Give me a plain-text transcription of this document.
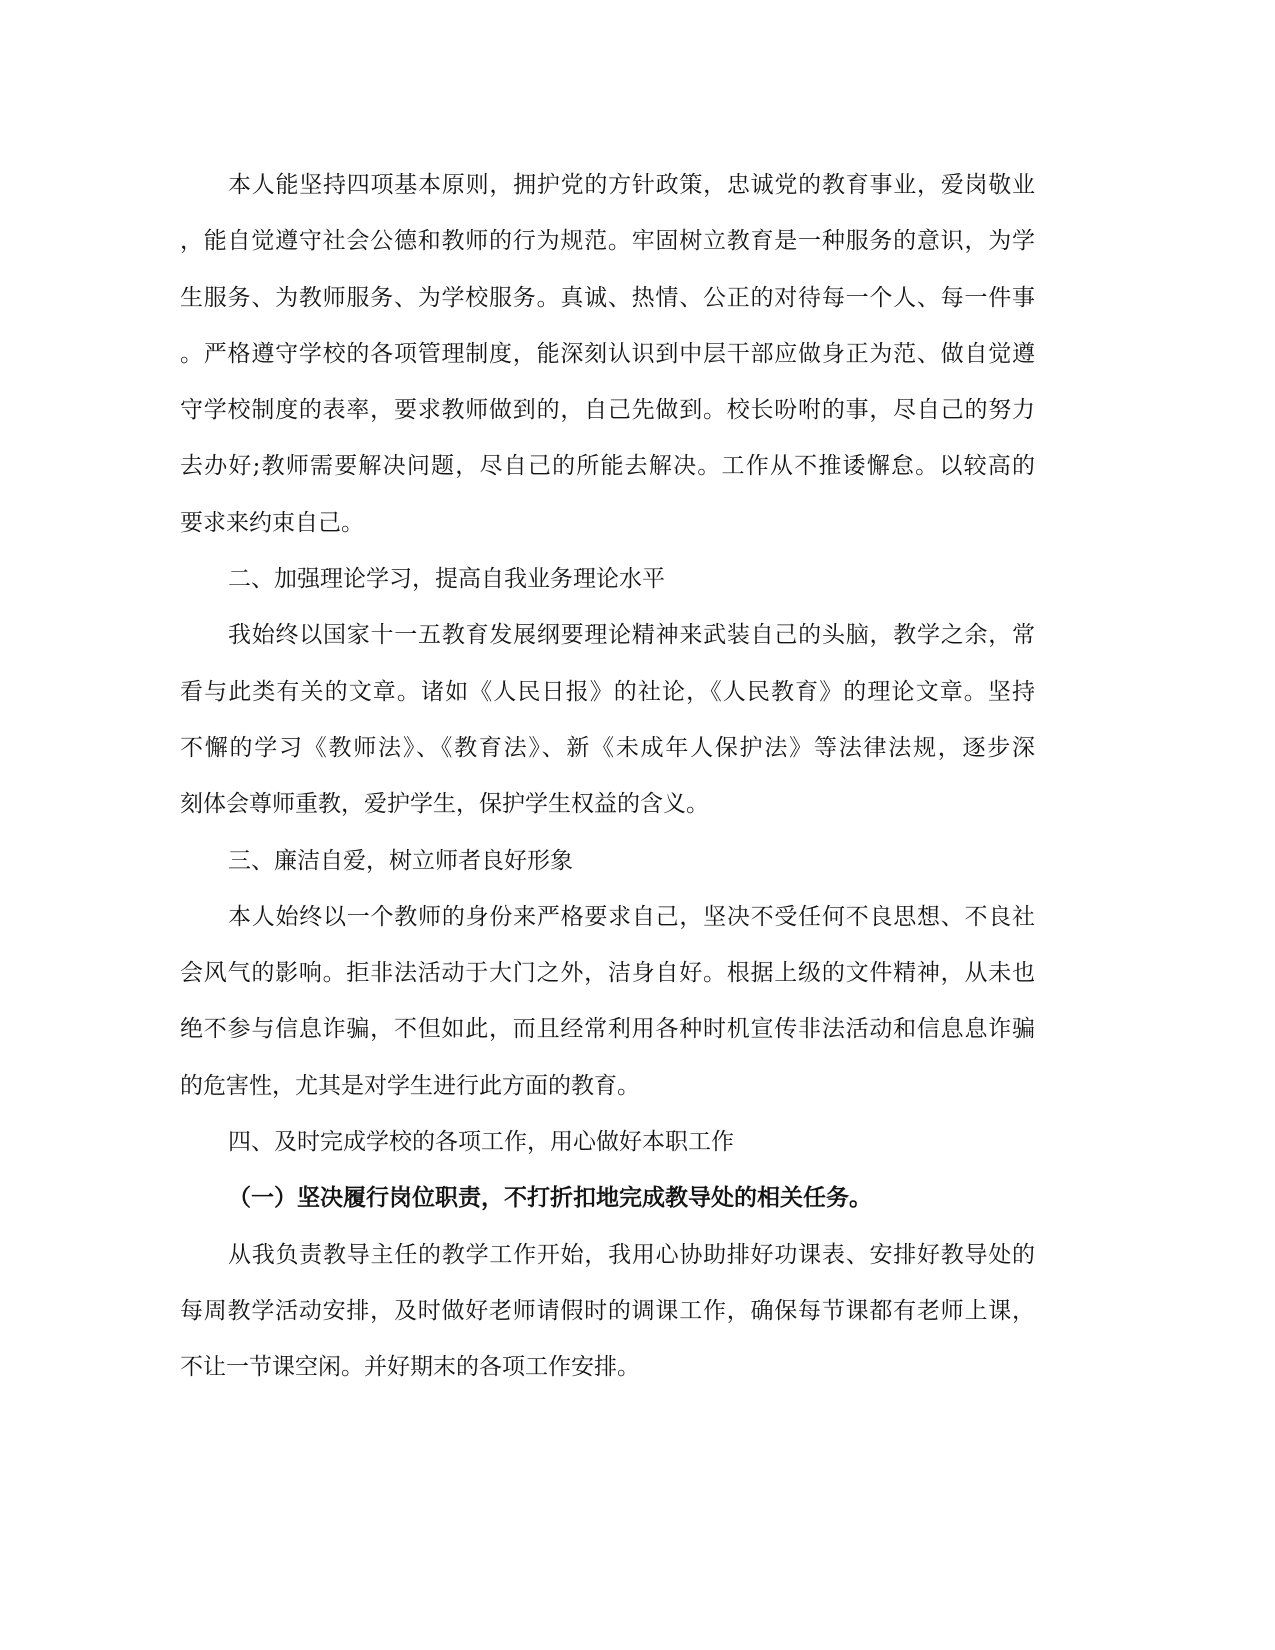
本人能坚持四项基本原则，拥护党的方针政策，忠诚党的教育事业，爱岗敬业
，能自觉遵守社会公德和教师的行为规范。牢固树立教育是一种服务的意识，为学
生服务、为教师服务、为学校服务。真诚、热情、公正的对待每一个人、每一件事
。严格遵守学校的各项管理制度，能深刻认识到中层干部应做身正为范、做自觉遵
守学校制度的表率，要求教师做到的，自己先做到。校长吩咐的事，尽自己的努力
去办好;教师需要解决问题，尽自己的所能去解决。工作从不推诿懈怠。以较高的
要求来约束自己。
二、加强理论学习，提高自我业务理论水平
我始终以国家十一五教育发展纲要理论精神来武装自己的头脑，教学之余，常
看与此类有关的文章。诸如《人民日报》的社论，《人民教育》的理论文章。坚持
不懈的学习《教师法》、《教育法》、新《未成年人保护法》等法律法规，逐步深
刻体会尊师重教，爱护学生，保护学生权益的含义。
三、廉洁自爱，树立师者良好形象
本人始终以一个教师的身份来严格要求自己，坚决不受任何不良思想、不良社
会风气的影响。拒非法活动于大门之外，洁身自好。根据上级的文件精神，从未也
绝不参与信息诈骗，不但如此，而且经常利用各种时机宣传非法活动和信息息诈骗
的危害性，尤其是对学生进行此方面的教育。
四、及时完成学校的各项工作，用心做好本职工作
（一）坚决履行岗位职责，不打折扣地完成教导处的相关任务。
从我负责教导主任的教学工作开始，我用心协助排好功课表、安排好教导处的
每周教学活动安排，及时做好老师请假时的调课工作，确保每节课都有老师上课，
不让一节课空闲。并好期末的各项工作安排。
